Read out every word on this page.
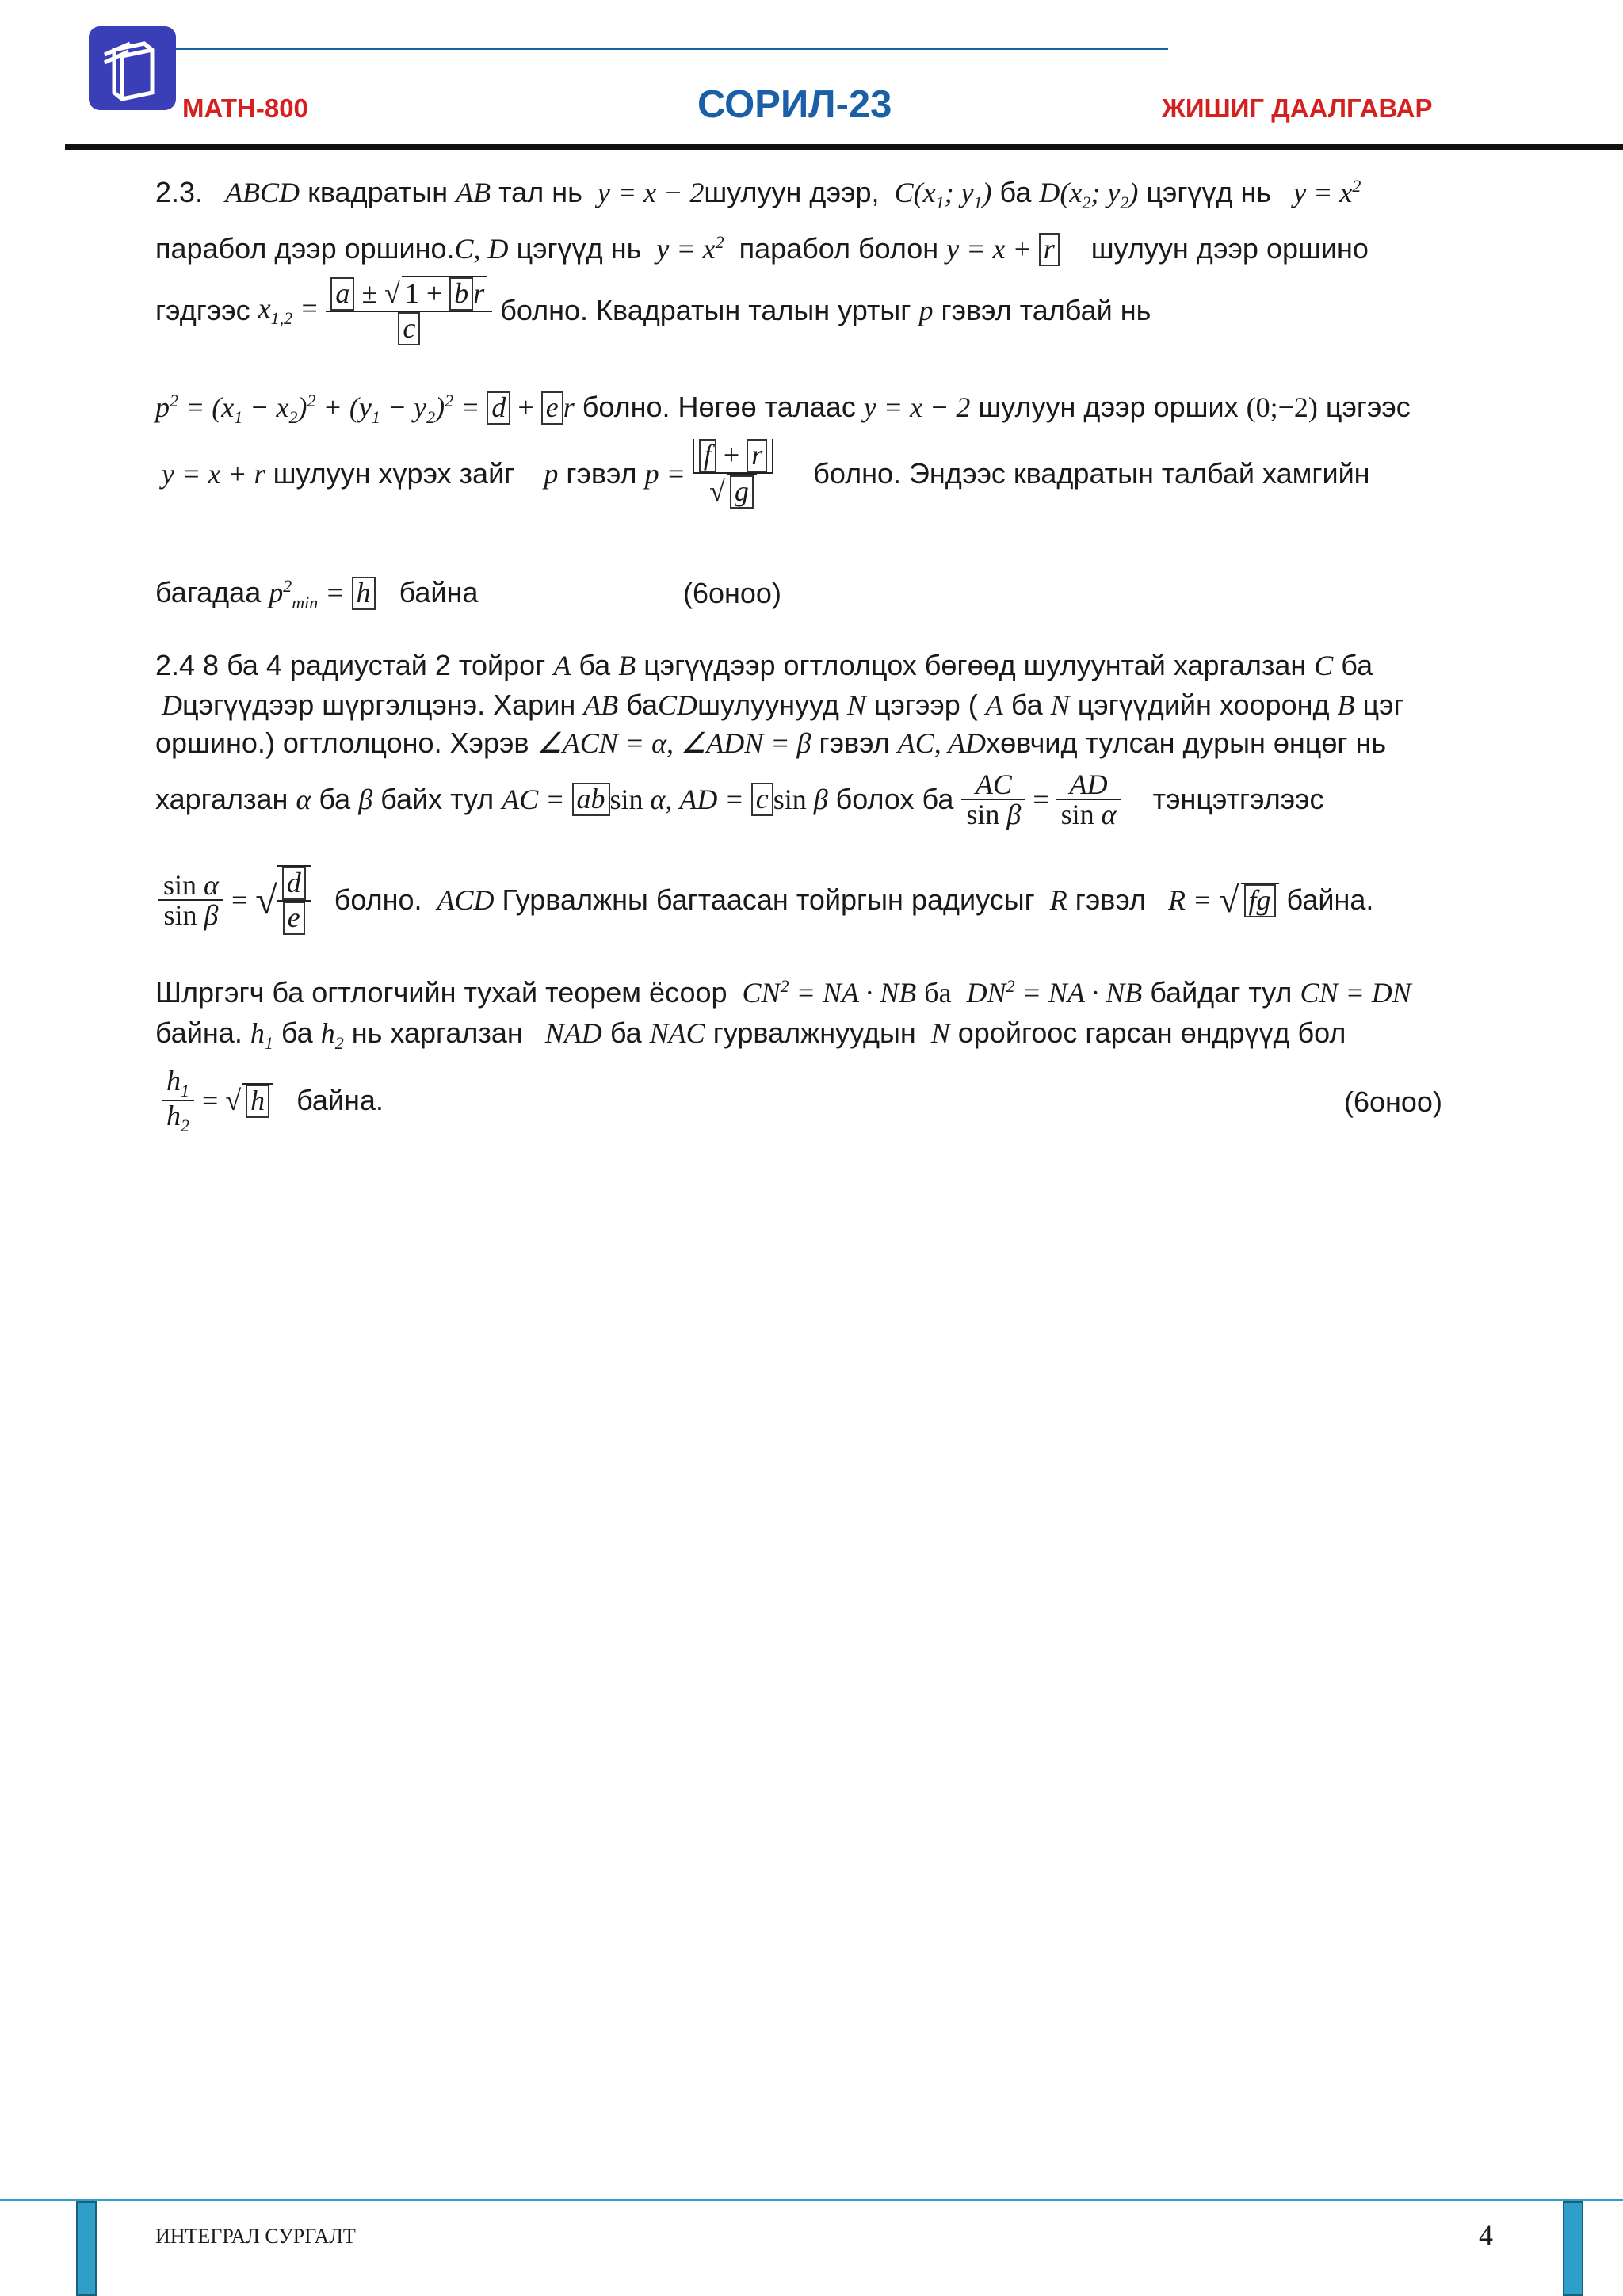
MATH-800	СОРИЛ-23	ЖИШИГ ДААЛГАВАР
2.3.   ABCD квадратын AB тал нь  y = x − 2шулуун дээр,  $C(x_1$; $y_1$) ба $D(x_2$; $y_2$) цэгүүд нь   $y = x^2$
парабол дээр оршино.C, D цэгүүд нь  $y = x^2$ парабол болон y = x + r шулуун дээр оршино
гэдгээс $x_{1,2} = \frac{\text{a ± √ 1 + b r}}{c}$ болно. Квадратын талын уртыг p гэвэл талбай нь
$p^2 = (x_1 - x_2)^2 + (y_1 - y_2)^2 = d + e$ r болно. Нөгөө талаас y = x − 2 шулуун дээр орших (0;−2) цэгээс
y = x + r шулуун хүрэх зайг    p гэвэл $p = \frac{f + r}{√ g}$ болно. Эндээс квадратын талбай хамгийн
багадаа $p^2_{min} = h$ байна	(6оноо)
2.4 8 ба 4 радиустай 2 тойрог A ба B цэгүүдээр огтлолцох бөгөөд шулуунтай харгалзан C ба
Dцэгүүдээр шүргэлцэнэ. Харин AB баCDшулуунууд N цэгээр ( A ба N цэгүүдийн хооронд B цэг
оршино.) огтлолцоно. Хэрэв ∠ACN = α, ∠ADN = β гэвэл AC, ADхөвчид тулсан дурын өнцөг нь
харгалзан α ба β байх тул AC = ab sin α, AD = c sin β болох ба $\frac{AC}{\text{sin β}} = \frac{AD}{\text{sin α}}$ тэнцэтгэлээс
$\frac{\text{sin α}}{\text{sin β}}$ = √ $\frac{d}{e}$ болно.  ACD Гурвалжны багтаасан тойргын радиусыг  R гэвэл   R = √ fg байна.
Шлргэгч ба огтлогчийн тухай теорем ёсоор  $CN^2$ = NA · NB ба  $DN^2$ = NA · NB байдаг тул CN = DN
байна. $h_1$ ба $h_2$ нь харгалзан   NAD ба NAC гурвалжнуудын  N оройгоос гарсан өндрүүд бол
$\frac{h_1}{h_2}$ = √ h байна.	(6оноо)
ИНТЕГРАЛ СУРГАЛТ	4
